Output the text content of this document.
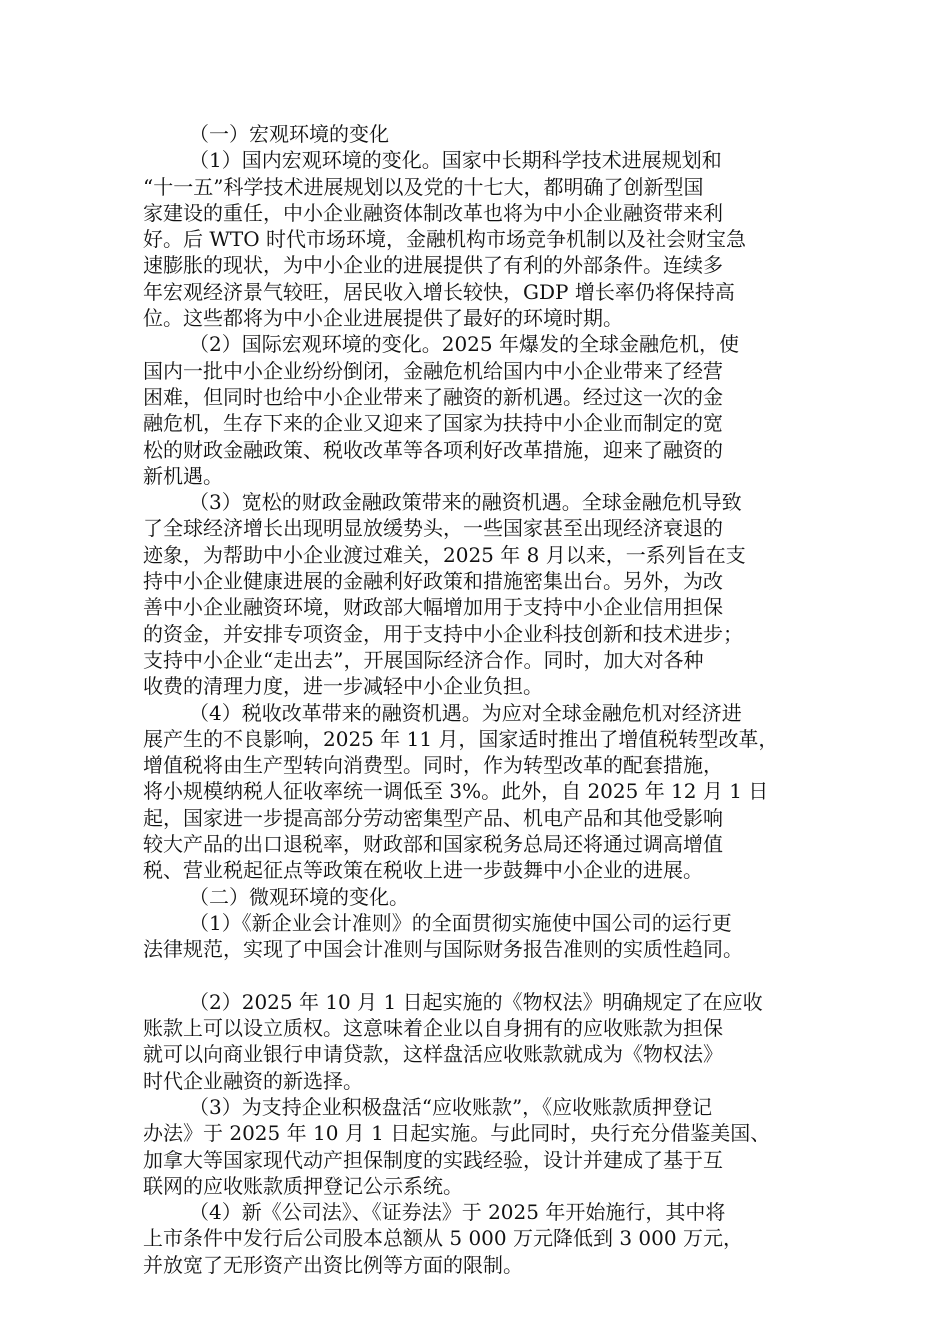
（一）宏观环境的变化
（1）国内宏观环境的变化。国家中长期科学技术进展规划和
“十一五”科学技术进展规划以及党的十七大，都明确了创新型国
家建设的重任，中小企业融资体制改革也将为中小企业融资带来利
好。后 WTO 时代市场环境，金融机构市场竞争机制以及社会财宝急
速膨胀的现状，为中小企业的进展提供了有利的外部条件。连续多
年宏观经济景气较旺，居民收入增长较快，GDP 增长率仍将保持高
位。这些都将为中小企业进展提供了最好的环境时期。
（2）国际宏观环境的变化。2025 年爆发的全球金融危机，使
国内一批中小企业纷纷倒闭，金融危机给国内中小企业带来了经营
困难，但同时也给中小企业带来了融资的新机遇。经过这一次的金
融危机，生存下来的企业又迎来了国家为扶持中小企业而制定的宽
松的财政金融政策、税收改革等各项利好改革措施，迎来了融资的
新机遇。
（3）宽松的财政金融政策带来的融资机遇。全球金融危机导致
了全球经济增长出现明显放缓势头，一些国家甚至出现经济衰退的
迹象，为帮助中小企业渡过难关，2025 年 8 月以来，一系列旨在支
持中小企业健康进展的金融利好政策和措施密集出台。另外，为改
善中小企业融资环境，财政部大幅增加用于支持中小企业信用担保
的资金，并安排专项资金，用于支持中小企业科技创新和技术进步；
支持中小企业“走出去”，开展国际经济合作。同时，加大对各种
收费的清理力度，进一步减轻中小企业负担。
（4）税收改革带来的融资机遇。为应对全球金融危机对经济进
展产生的不良影响，2025 年 11 月，国家适时推出了增值税转型改革，
增值税将由生产型转向消费型。同时，作为转型改革的配套措施，
将小规模纳税人征收率统一调低至 3%。此外，自 2025 年 12 月 1 日
起，国家进一步提高部分劳动密集型产品、机电产品和其他受影响
较大产品的出口退税率，财政部和国家税务总局还将通过调高增值
税、营业税起征点等政策在税收上进一步鼓舞中小企业的进展。
（二）微观环境的变化。
（1）《新企业会计准则》的全面贯彻实施使中国公司的运行更
法律规范，实现了中国会计准则与国际财务报告准则的实质性趋同。
（2）2025 年 10 月 1 日起实施的《物权法》明确规定了在应收
账款上可以设立质权。这意味着企业以自身拥有的应收账款为担保
就可以向商业银行申请贷款，这样盘活应收账款就成为《物权法》
时代企业融资的新选择。
（3）为支持企业积极盘活“应收账款”，《应收账款质押登记
办法》于 2025 年 10 月 1 日起实施。与此同时，央行充分借鉴美国、
加拿大等国家现代动产担保制度的实践经验，设计并建成了基于互
联网的应收账款质押登记公示系统。
（4）新《公司法》、《证券法》于 2025 年开始施行，其中将
上市条件中发行后公司股本总额从 5 000 万元降低到 3 000 万元，
并放宽了无形资产出资比例等方面的限制。
